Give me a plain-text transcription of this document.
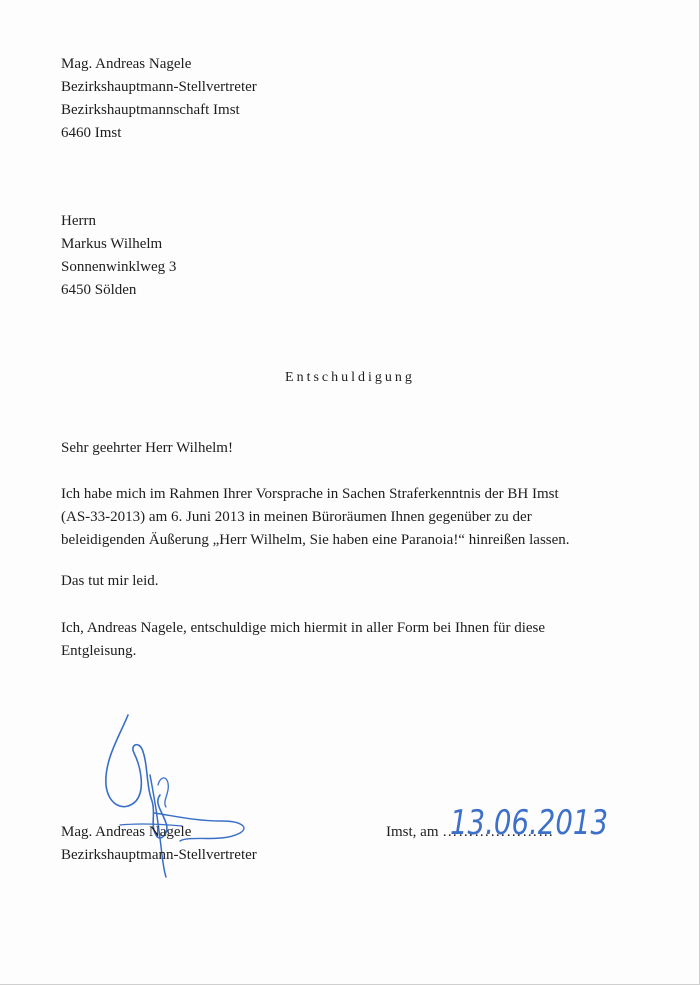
Mag. Andreas Nagele
Bezirkshauptmann-Stellvertreter
Bezirkshauptmannschaft Imst
6460 Imst
Herrn
Markus Wilhelm
Sonnenwinklweg 3
6450 Sölden
Entschuldigung
Sehr geehrter Herr Wilhelm!
Ich habe mich im Rahmen Ihrer Vorsprache in Sachen Straferkenntnis der BH Imst
(AS-33-2013) am 6. Juni 2013 in meinen Büroräumen Ihnen gegenüber zu der
beleidigenden Äußerung „Herr Wilhelm, Sie haben eine Paranoia!“ hinreißen lassen.
Das tut mir leid.
Ich, Andreas Nagele, entschuldige mich hiermit in aller Form bei Ihnen für diese
Entgleisung.
Mag. Andreas Nagele
Bezirkshauptmann-Stellvertreter
Imst, am …………………
13.06.2013
